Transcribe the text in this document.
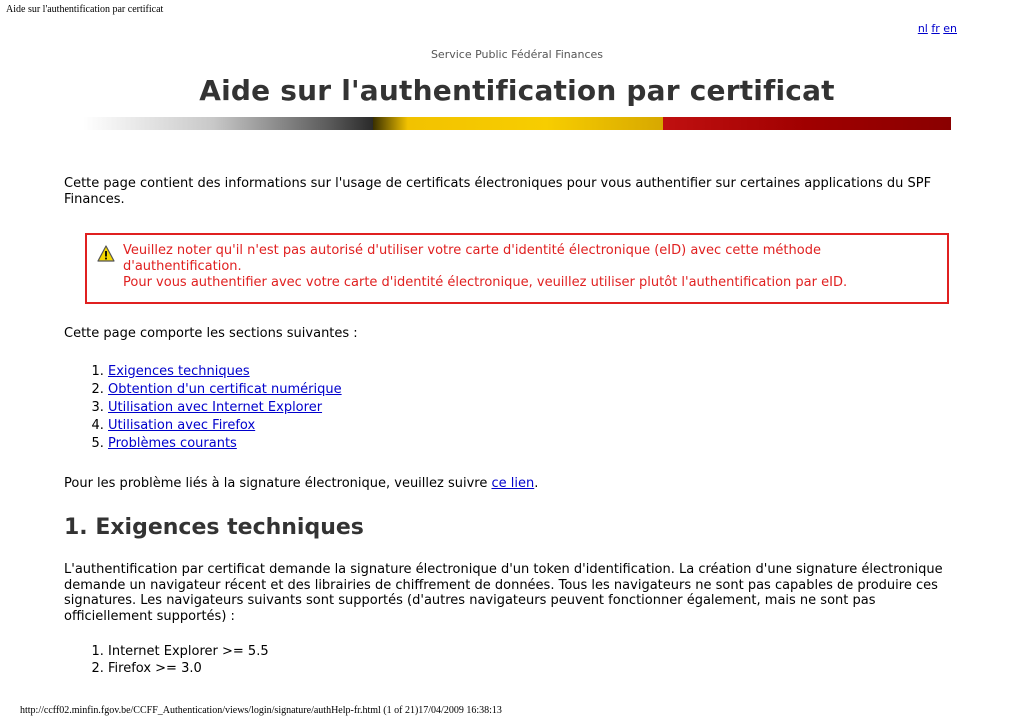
Aide sur l'authentification par certificat
nl fr en
Service Public Fédéral Finances
Aide sur l'authentification par certificat

Cette page contient des informations sur l'usage de certificats électroniques pour vous authentifier sur certaines applications du SPF Finances.

Veuillez noter qu'il n'est pas autorisé d'utiliser votre carte d'identité électronique (eID) avec cette méthode d'authentification.
Pour vous authentifier avec votre carte d'identité électronique, veuillez utiliser plutôt l'authentification par eID.

Cette page comporte les sections suivantes :

1. Exigences techniques
2. Obtention d'un certificat numérique
3. Utilisation avec Internet Explorer
4. Utilisation avec Firefox
5. Problèmes courants

Pour les problème liés à la signature électronique, veuillez suivre ce lien.

1. Exigences techniques

L'authentification par certificat demande la signature électronique d'un token d'identification. La création d'une signature électronique demande un navigateur récent et des librairies de chiffrement de données. Tous les navigateurs ne sont pas capables de produire ces signatures. Les navigateurs suivants sont supportés (d'autres navigateurs peuvent fonctionner également, mais ne sont pas officiellement supportés) :

1. Internet Explorer >= 5.5
2. Firefox >= 3.0
http://ccff02.minfin.fgov.be/CCFF_Authentication/views/login/signature/authHelp-fr.html (1 of 21)17/04/2009 16:38:13
